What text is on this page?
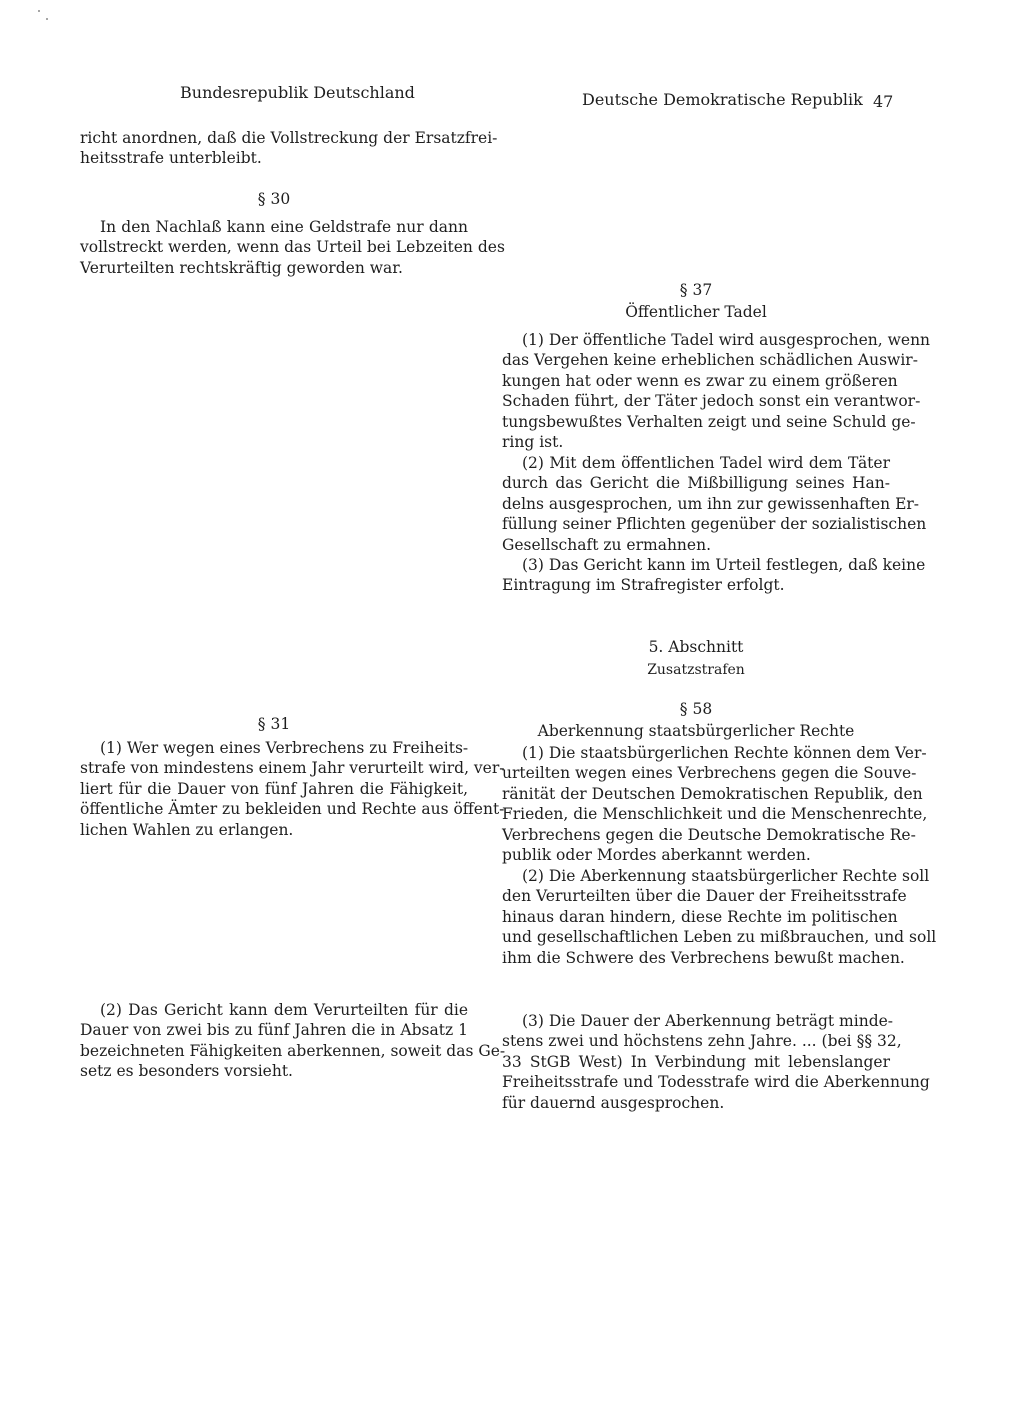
Bundesrepublik Deutschland	Deutsche Demokratische Republik 47
richt anordnen, daß die Vollstreckung der Ersatzfrei-
heitsstrafe unterbleibt.
§ 30
In den Nachlaß kann eine Geldstrafe nur dann
vollstreckt werden, wenn das Urteil bei Lebzeiten des
Verurteilten rechtskräftig geworden war.
§ 31
(1) Wer wegen eines Verbrechens zu Freiheits-
strafe von mindestens einem Jahr verurteilt wird, ver-
liert für die Dauer von fünf Jahren die Fähigkeit,
öffentliche Ämter zu bekleiden und Rechte aus öffent-
lichen Wahlen zu erlangen.
(2) Das Gericht kann dem Verurteilten für die
Dauer von zwei bis zu fünf Jahren die in Absatz 1
bezeichneten Fähigkeiten aberkennen, soweit das Ge-
setz es besonders vorsieht.
§ 37
Öffentlicher Tadel
(1) Der öffentliche Tadel wird ausgesprochen, wenn
das Vergehen keine erheblichen schädlichen Auswir-
kungen hat oder wenn es zwar zu einem größeren
Schaden führt, der Täter jedoch sonst ein verantwor-
tungsbewußtes Verhalten zeigt und seine Schuld ge-
ring ist.
(2) Mit dem öffentlichen Tadel wird dem Täter
durch das Gericht die Mißbilligung seines Han-
delns ausgesprochen, um ihn zur gewissenhaften Er-
füllung seiner Pflichten gegenüber der sozialistischen
Gesellschaft zu ermahnen.
(3) Das Gericht kann im Urteil festlegen, daß keine
Eintragung im Strafregister erfolgt.
5. Abschnitt
Zusatzstrafen
§ 58
Aberkennung staatsbürgerlicher Rechte
(1) Die staatsbürgerlichen Rechte können dem Ver-
urteilten wegen eines Verbrechens gegen die Souve-
ränität der Deutschen Demokratischen Republik, den
Frieden, die Menschlichkeit und die Menschenrechte,
Verbrechens gegen die Deutsche Demokratische Re-
publik oder Mordes aberkannt werden.
(2) Die Aberkennung staatsbürgerlicher Rechte soll
den Verurteilten über die Dauer der Freiheitsstrafe
hinaus daran hindern, diese Rechte im politischen
und gesellschaftlichen Leben zu mißbrauchen, und soll
ihm die Schwere des Verbrechens bewußt machen.
(3) Die Dauer der Aberkennung beträgt minde-
stens zwei und höchstens zehn Jahre. ... (bei §§ 32,
33 StGB West) In Verbindung mit lebenslanger
Freiheitsstrafe und Todesstrafe wird die Aberkennung
für dauernd ausgesprochen.
